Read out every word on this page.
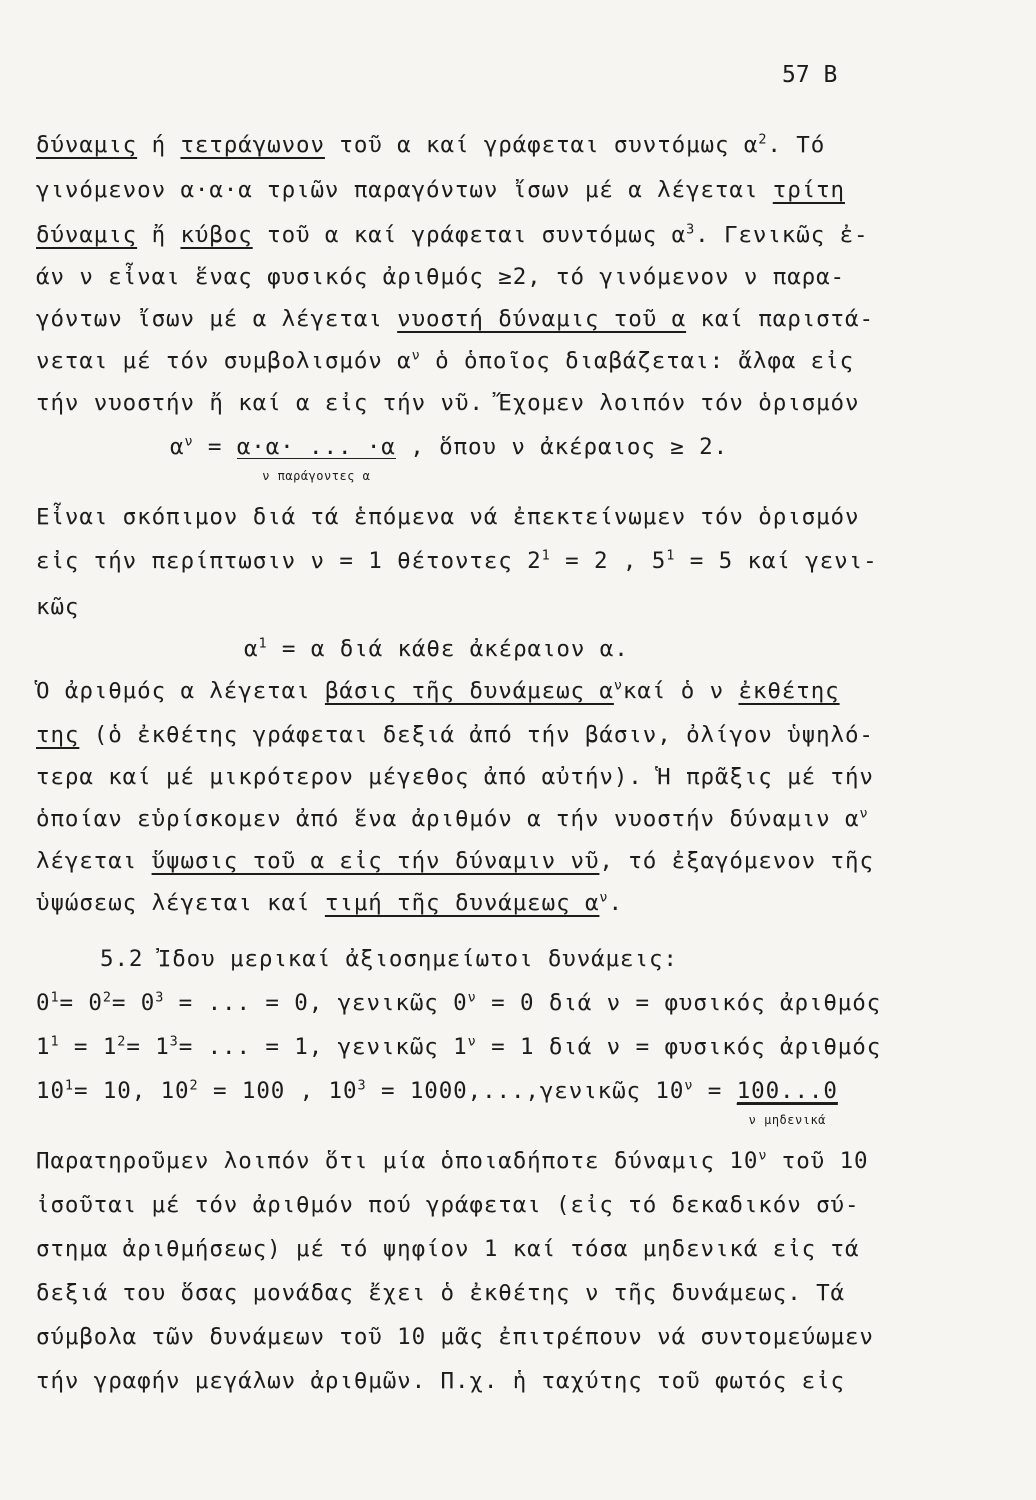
57 B
δύναμις ή τετράγωνον τοῦ α καί γράφεται συντόμως $\alpha^2$. Τό
γινόμενον α·α·α τριῶν παραγόντων ἴσων μέ α λέγεται τρίτη
δύναμις ἤ κύβος τοῦ α καί γράφεται συντόμως $\alpha^3$. Γενικῶς ἐ-
άν ν εἶναι ἕνας φυσικός ἀριθμός ≥2, τό γινόμενον ν παρα-
γόντων ἴσων μέ α λέγεται νυοστή δύναμις τοῦ α καί παριστά-
νεται μέ τόν συμβολισμόν $\alpha^\nu$ ὁ ὁποῖος διαβάζεται: ἄλφα εἰς
τήν νυοστήν ἤ καί α εἰς τήν νῦ. Ἔχομεν λοιπόν τόν ὁρισμόν
$\alpha^\nu = \alpha\cdot\alpha\cdot$ ... ·α
ν παράγοντες α
, ὅπου ν ἀκέραιος ≥ 2.
Εἶναι σκόπιμον διά τά ἑπόμενα νά ἐπεκτείνωμεν τόν ὁρισμόν
εἰς τήν περίπτωσιν ν = 1 θέτοντες $2^1 = 2$ , $5^1 = 5$ καί γενι-
κῶς
$\alpha^1 = \alpha$ διά κάθε ἀκέραιον α.
Ὁ ἀριθμός α λέγεται βάσις τῆς δυνάμεως $\alpha^\nu\kappa\alpha ί$ ὁ ν ἐκθέτης
της (ὁ ἐκθέτης γράφεται δεξιά ἀπό τήν βάσιν, ὀλίγον ὑψηλό-
τερα καί μέ μικρότερον μέγεθος ἀπό αὐτήν). Ἡ πρᾶξις μέ τήν
ὁποίαν εὑρίσκομεν ἀπό ἕνα ἀριθμόν α τήν νυοστήν δύναμιν $\alpha^\nu$
λέγεται ὕψωσις τοῦ α εἰς τήν δύναμιν νῦ, τό ἐξαγόμενον τῆς
ὑψώσεως λέγεται καί τιμή τῆς δυνάμεως $\alpha^\nu$.
5.2 Ἰδου μερικαί ἀξιοσημείωτοι δυνάμεις:
$0^1= 0^2= 0^3$ = ... = 0, γενικῶς $0^\nu = 0$ διά ν = φυσικός ἀριθμός
$1^1 = 1^2= 1^3=$ ... = 1, γενικῶς $1^\nu = 1$ διά ν = φυσικός ἀριθμός
$10^1= 10$, $10^2 = 100$ , $10^3$ = 1000,...,γενικῶς $10^\nu = 100...0$
ν μηδενικά
Παρατηροῦμεν λοιπόν ὅτι μία ὁποιαδήποτε δύναμις $10^\nu$ τοῦ 10
ἰσοῦται μέ τόν ἀριθμόν πού γράφεται (εἰς τό δεκαδικόν σύ-
στημα ἀριθμήσεως) μέ τό ψηφίον 1 καί τόσα μηδενικά εἰς τά
δεξιά του ὅσας μονάδας ἔχει ὁ ἐκθέτης ν τῆς δυνάμεως. Τά
σύμβολα τῶν δυνάμεων τοῦ 10 μᾶς ἐπιτρέπουν νά συντομεύωμεν
τήν γραφήν μεγάλων ἀριθμῶν. Π.χ. ἡ ταχύτης τοῦ φωτός εἰς
